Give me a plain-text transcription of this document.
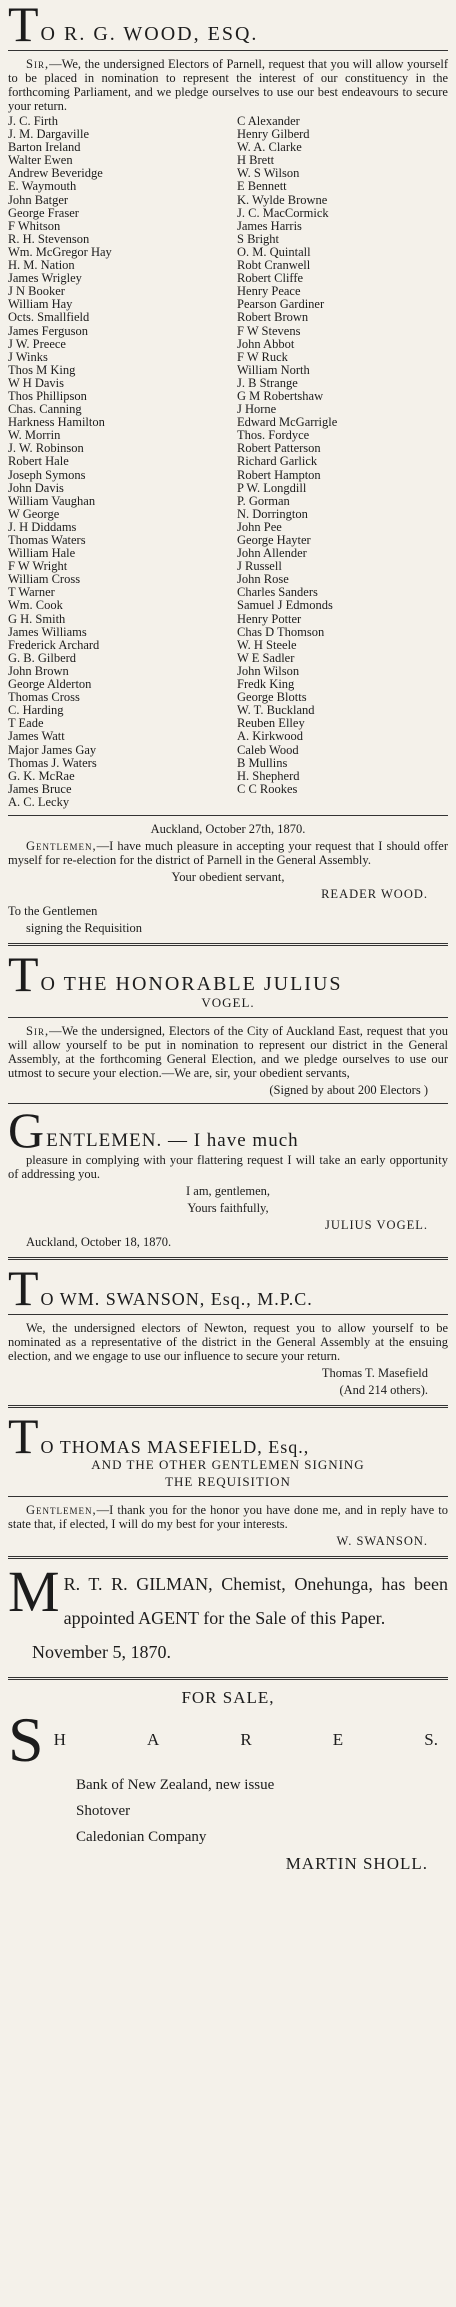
T O R. G. WOOD, ESQ.

Sir,—We, the undersigned Electors of Parnell, request that you will allow yourself to be placed in nomination to represent the interest of our constituency in the forthcoming Parliament, and we pledge ourselves to use our best endeavours to secure your return.

J. C. Firth
J. M. Dargaville
Barton Ireland
Walter Ewen
Andrew Beveridge
E. Waymouth
John Batger
George Fraser
F Whitson
R. H. Stevenson
Wm. McGregor Hay
H. M. Nation
James Wrigley
J N Booker
William Hay
Octs. Smallfield
James Ferguson
J W. Preece
J Winks
Thos M King
W H Davis
Thos Phillipson
Chas. Canning
Harkness Hamilton
W. Morrin
J. W. Robinson
Robert Hale
Joseph Symons
John Davis
William Vaughan
W George
J. H Diddams
Thomas Waters
William Hale
F W Wright
William Cross
T Warner
Wm. Cook
G H. Smith
James Williams
Frederick Archard
G. B. Gilberd
John Brown
George Alderton
Thomas Cross
C. Harding
T Eade
James Watt
Major James Gay
Thomas J. Waters
G. K. McRae
James Bruce
A. C. Lecky
C Alexander
Henry Gilberd
W. A. Clarke
H Brett
W. S Wilson
E Bennett
K. Wylde Browne
J. C. MacCormick
James Harris
S Bright
O. M. Quintall
Robt Cranwell
Robert Cliffe
Henry Peace
Pearson Gardiner
Robert Brown
F W Stevens
John Abbot
F W Ruck
William North
J. B Strange
G M Robertshaw
J Horne
Edward McGarrigle
Thos. Fordyce
Robert Patterson
Richard Garlick
Robert Hampton
P W. Longdill
P. Gorman
N. Dorrington
John Pee
George Hayter
John Allender
J Russell
John Rose
Charles Sanders
Samuel J Edmonds
Henry Potter
Chas D Thomson
W. H Steele
W E Sadler
John Wilson
Fredk King
George Blotts
W. T. Buckland
Reuben Elley
A. Kirkwood
Caleb Wood
B Mullins
H. Shepherd
C C Rookes

Auckland, October 27th, 1870.

Gentlemen,—I have much pleasure in accepting your request that I should offer myself for re-election for the district of Parnell in the General Assembly.

Your obedient servant,

READER WOOD.

To the Gentlemen

signing the Requisition

T O THE HONORABLE JULIUS

VOGEL.

Sir,—We the undersigned, Electors of the City of Auckland East, request that you will allow yourself to be put in nomination to represent our district in the General Assembly, at the forthcoming General Election, and we pledge ourselves to use our utmost to secure your election.—We are, sir, your obedient servants,

(Signed by about 200 Electors )

G ENTLEMEN. — I have much

pleasure in complying with your flattering request I will take an early opportunity of addressing you.

I am, gentlemen,

Yours faithfully,

JULIUS VOGEL.

Auckland, October 18, 1870.

T O WM. SWANSON, Esq., M.P.C.

We, the undersigned electors of Newton, request you to allow yourself to be nominated as a representative of the district in the General Assembly at the ensuing election, and we engage to use our influence to secure your return.

Thomas T. Masefield

(And 214 others).

T O THOMAS MASEFIELD, Esq.,

AND THE OTHER GENTLEMEN SIGNING

THE REQUISITION

Gentlemen,—I thank you for the honor you have done me, and in reply have to state that, if elected, I will do my best for your interests.

W. SWANSON.

M R. T. R. GILMAN, Chemist, Onehunga, has been appointed AGENT for the Sale of this Paper.

November 5, 1870.

FOR SALE,

S H	A	R	E	S.
Bank of New Zealand, new issue
Shotover
Caledonian Company

MARTIN SHOLL.
